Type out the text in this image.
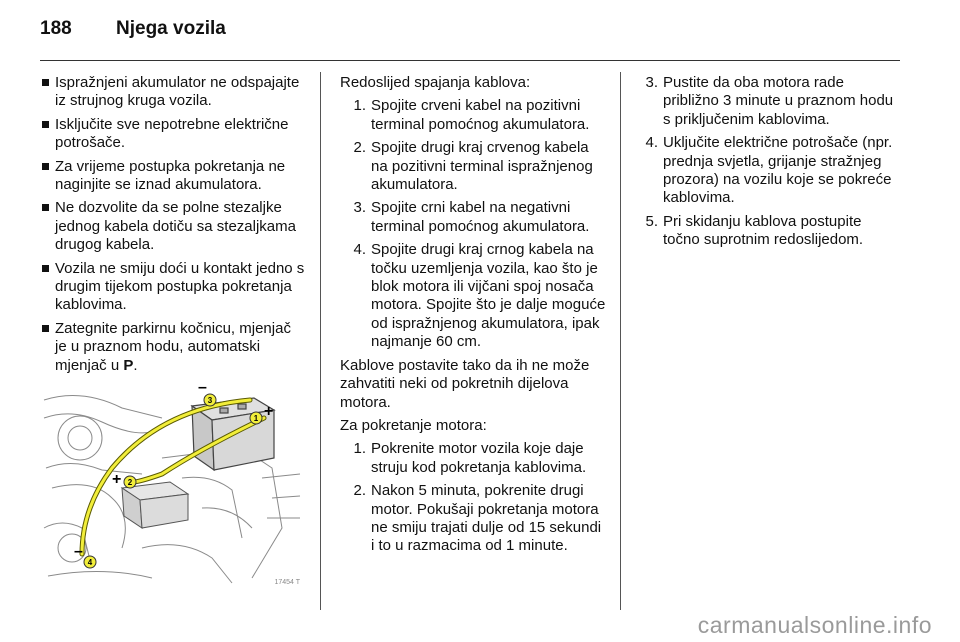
188 Njega vozila
Ispražnjeni akumulator ne odspajajte iz strujnog kruga vozila.
Isključite sve nepotrebne električne potrošače.
Za vrijeme postupka pokretanja ne naginjite se iznad akumulatora.
Ne dozvolite da se polne stezaljke jednog kabela dotiču sa stezaljkama drugog kabela.
Vozila ne smiju doći u kontakt jedno s drugim tijekom postupka pokretanja kablovima.
Zategnite parkirnu kočnicu, mjenjač je u praznom hodu, automatski mjenjač u P.
–
+
+
–
1
2
3
4
17454 T
Redoslijed spajanja kablova:
1. Spojite crveni kabel na pozitivni terminal pomoćnog akumulatora.
2. Spojite drugi kraj crvenog kabela na pozitivni terminal ispražnjenog akumulatora.
3. Spojite crni kabel na negativni terminal pomoćnog akumulatora.
4. Spojite drugi kraj crnog kabela na točku uzemljenja vozila, kao što je blok motora ili vijčani spoj nosača motora. Spojite što je dalje moguće od ispražnjenog akumulatora, ipak najmanje 60 cm.
Kablove postavite tako da ih ne može zahvatiti neki od pokretnih dijelova motora.
Za pokretanje motora:
1. Pokrenite motor vozila koje daje struju kod pokretanja kablovima.
2. Nakon 5 minuta, pokrenite drugi motor. Pokušaji pokretanja motora ne smiju trajati dulje od 15 sekundi i to u razmacima od 1 minute.
3. Pustite da oba motora rade približno 3 minute u praznom hodu s priključenim kablovima.
4. Uključite električne potrošače (npr. prednja svjetla, grijanje stražnjeg prozora) na vozilu koje se pokreće kablovima.
5. Pri skidanju kablova postupite točno suprotnim redoslijedom.
carmanualsonline.info
